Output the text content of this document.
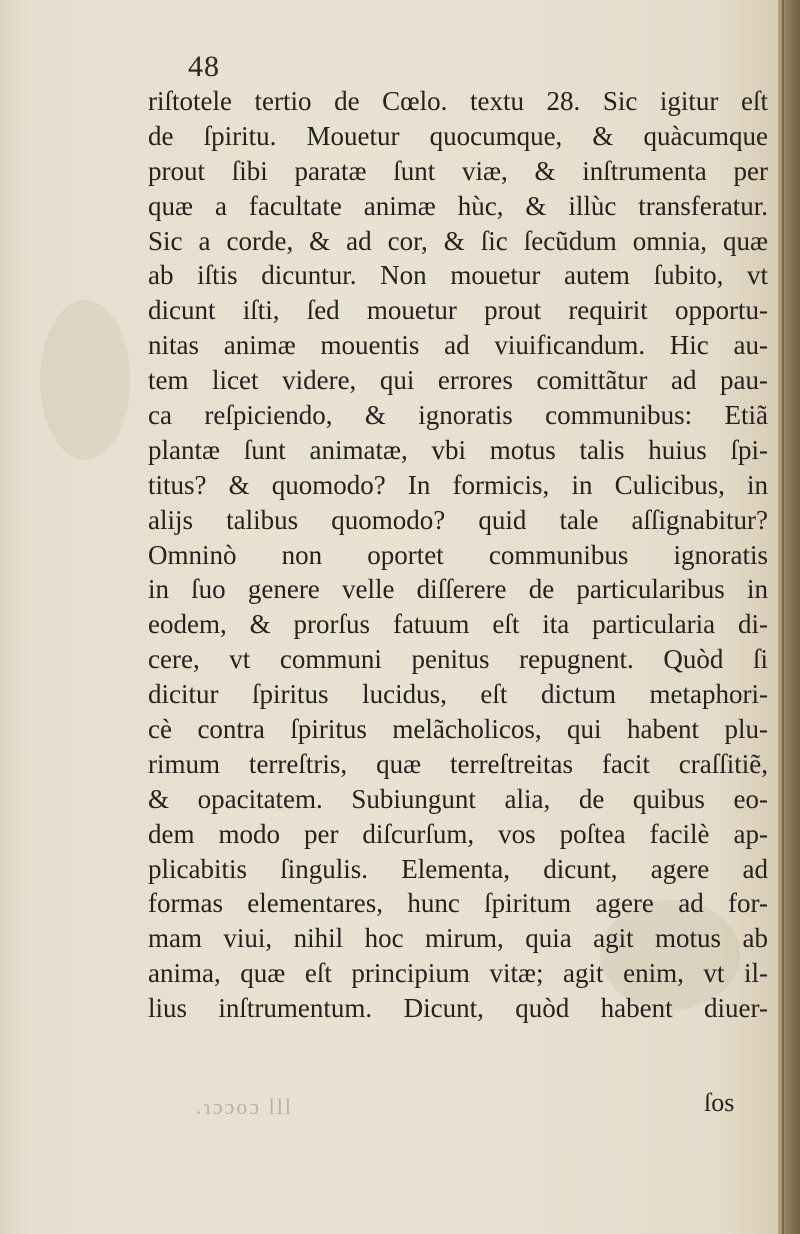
48
riſtotele tertio de Cœlo. textu 28. Sic igitur eſt
de ſpiritu. Mouetur quocumque, & quàcumque
prout ſibi paratæ ſunt viæ, & inſtrumenta per
quæ a facultate animæ hùc, & illùc transferatur.
Sic a corde, & ad cor, & ſic ſecũdum omnia, quæ
ab iſtis dicuntur. Non mouetur autem ſubito, vt
dicunt iſti, ſed mouetur prout requirit opportu-
nitas animæ mouentis ad viuificandum. Hic au-
tem licet videre, qui errores comittãtur ad pau-
ca reſpiciendo, & ignoratis communibus: Etiã
plantæ ſunt animatæ, vbi motus talis huius ſpi-
titus? & quomodo? In formicis, in Culicibus, in
alijs talibus quomodo? quid tale aſſignabitur?
Omninò non oportet communibus ignoratis
in ſuo genere velle diſſerere de particularibus in
eodem, & prorſus fatuum eſt ita particularia di-
cere, vt communi penitus repugnent. Quòd ſi
dicitur ſpiritus lucidus, eſt dictum metaphori-
cè contra ſpiritus melãcholicos, qui habent plu-
rimum terreſtris, quæ terreſtreitas facit craſſitiẽ,
& opacitatem. Subiungunt alia, de quibus eo-
dem modo per diſcurſum, vos poſtea facilè ap-
plicabitis ſingulis. Elementa, dicunt, agere ad
formas elementares, hunc ſpiritum agere ad for-
mam viui, nihil hoc mirum, quia agit motus ab
anima, quæ eſt principium vitæ; agit enim, vt il-
lius inſtrumentum. Dicunt, quòd habent diuer-
.ɿɔɔoɔ lll	ſos
